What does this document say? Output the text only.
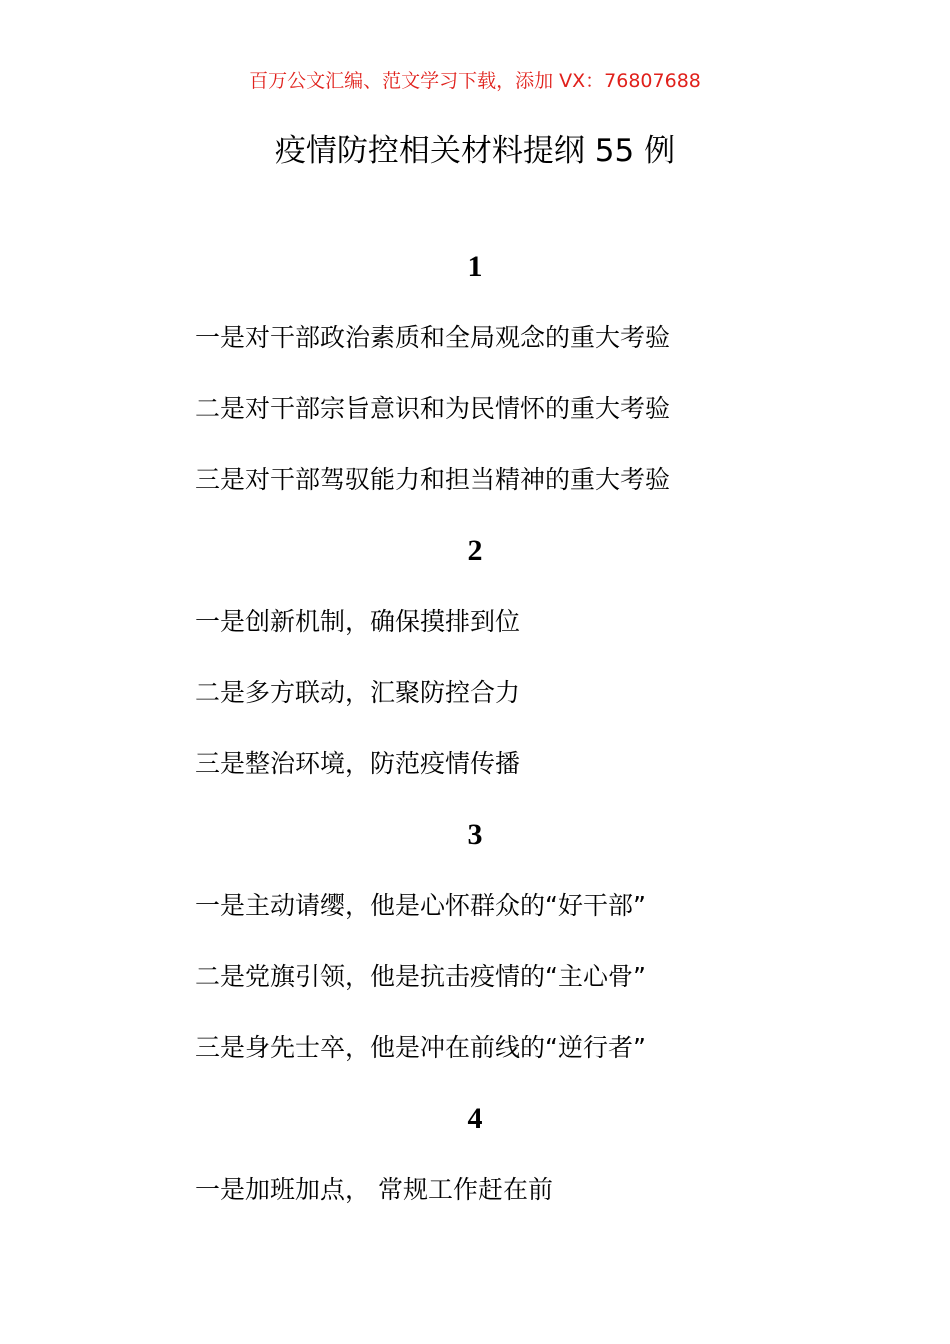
百万公文汇编、范文学习下载，添加 VX：76807688
疫情防控相关材料提纲 55 例
1
一是对干部政治素质和全局观念的重大考验
二是对干部宗旨意识和为民情怀的重大考验
三是对干部驾驭能力和担当精神的重大考验
2
一是创新机制，确保摸排到位
二是多方联动，汇聚防控合力
三是整治环境，防范疫情传播
3
一是主动请缨，他是心怀群众的“好干部”
二是党旗引领，他是抗击疫情的“主心骨”
三是身先士卒，他是冲在前线的“逆行者”
4
一是加班加点， 常规工作赶在前
